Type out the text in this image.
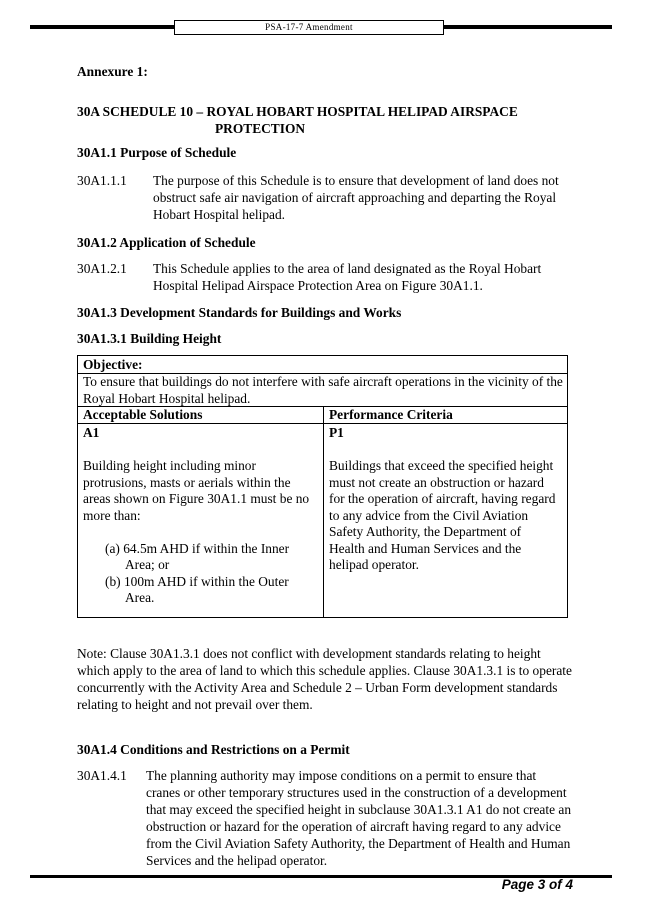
PSA-17-7 Amendment
Annexure 1:
30A SCHEDULE 10 – ROYAL HOBART HOSPITAL HELIPAD AIRSPACE
PROTECTION
30A1.1 Purpose of Schedule
30A1.1.1 The purpose of this Schedule is to ensure that development of land does not obstruct safe air navigation of aircraft approaching and departing the Royal Hobart Hospital helipad.

30A1.2 Application of Schedule
30A1.2.1 This Schedule applies to the area of land designated as the Royal Hobart Hospital Helipad Airspace Protection Area on Figure 30A1.1.

30A1.3 Development Standards for Buildings and Works
30A1.3.1 Building Height
Objective:

To ensure that buildings do not interfere with safe aircraft operations in the vicinity of the Royal Hobart Hospital helipad.

Acceptable Solutions	Performance Criteria

A1

Building height including minor protrusions, masts or aerials within the areas shown on Figure 30A1.1 must be no more than:

(a) 64.5m AHD if within the Inner Area; or
(b) 100m AHD if within the Outer Area.

P1

Buildings that exceed the specified height must not create an obstruction or hazard for the operation of aircraft, having regard to any advice from the Civil Aviation Safety Authority, the Department of Health and Human Services and the helipad operator.

Note: Clause 30A1.3.1 does not conflict with development standards relating to height which apply to the area of land to which this schedule applies. Clause 30A1.3.1 is to operate concurrently with the Activity Area and Schedule 2 – Urban Form development standards relating to height and not prevail over them.

30A1.4 Conditions and Restrictions on a Permit
30A1.4.1 The planning authority may impose conditions on a permit to ensure that cranes or other temporary structures used in the construction of a development that may exceed the specified height in subclause 30A1.3.1 A1 do not create an obstruction or hazard for the operation of aircraft having regard to any advice from the Civil Aviation Safety Authority, the Department of Health and Human Services and the helipad operator.

Page 3 of 4
